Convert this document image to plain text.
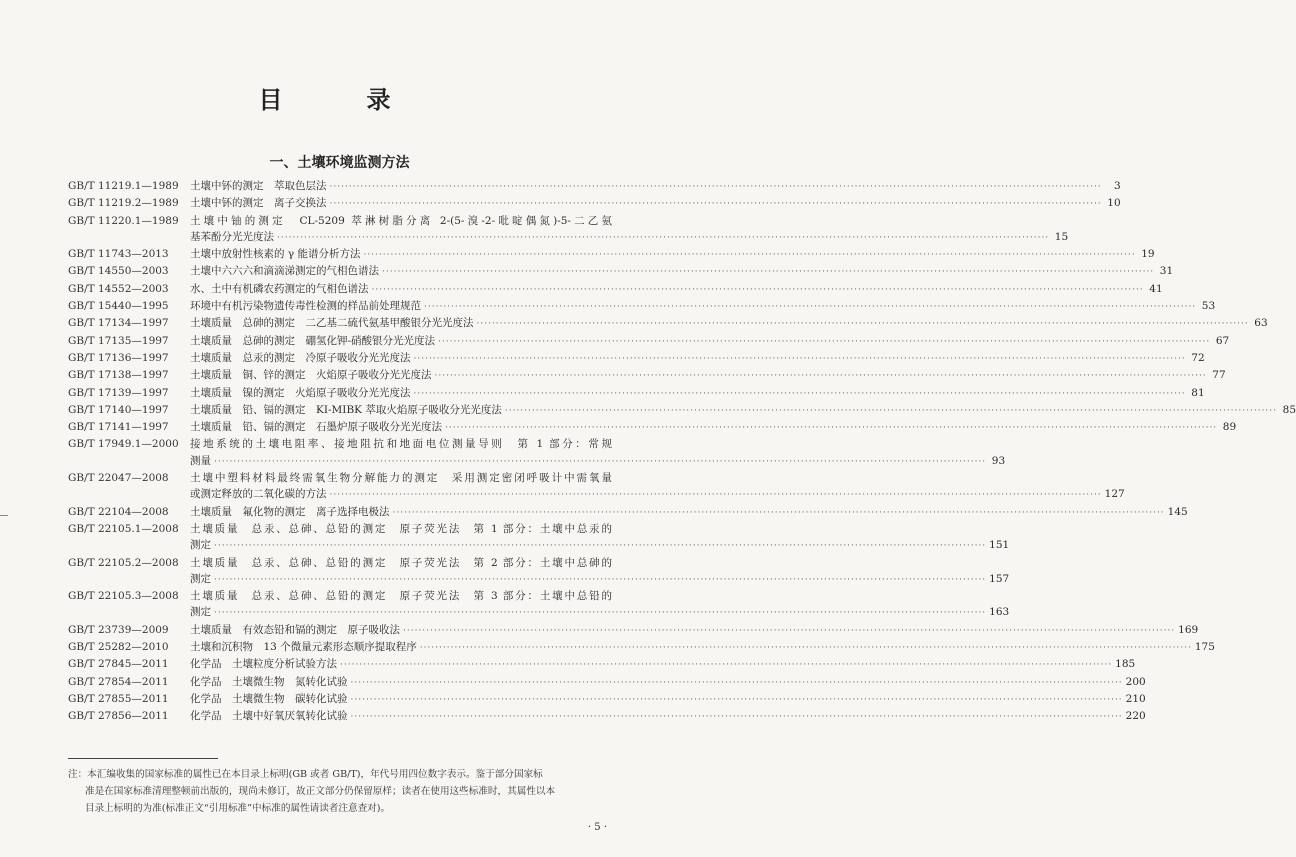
目　录
一、土壤环境监测方法
GB/T 11219.1—1989	土壤中钚的测定　萃取色层法 ········································································································································································································	3
GB/T 11219.2—1989	土壤中钚的测定　离子交换法 ········································································································································································································ 10
GB/T 11220.1—1989	土壤中铀的测定　CL-5209 萃淋树脂分离 2-(5-溴-2-吡啶偶氮)-5-二乙氨
基苯酚分光光度法 ········································································································································································································ 15
GB/T 11743—2013	土壤中放射性核素的 γ 能谱分析方法 ········································································································································································································ 19
GB/T 14550—2003	土壤中六六六和滴滴涕测定的气相色谱法 ········································································································································································································ 31
GB/T 14552—2003	水、土中有机磷农药测定的气相色谱法 ········································································································································································································ 41
GB/T 15440—1995	环境中有机污染物遗传毒性检测的样品前处理规范 ········································································································································································································ 53
GB/T 17134—1997	土壤质量　总砷的测定　二乙基二硫代氨基甲酸银分光光度法 ········································································································································································································ 63
GB/T 17135—1997	土壤质量　总砷的测定　硼氢化钾-硝酸银分光光度法 ········································································································································································································ 67
GB/T 17136—1997	土壤质量　总汞的测定　冷原子吸收分光光度法 ········································································································································································································ 72
GB/T 17138—1997	土壤质量　铜、锌的测定　火焰原子吸收分光光度法 ········································································································································································································ 77
GB/T 17139—1997	土壤质量　镍的测定　火焰原子吸收分光光度法 ········································································································································································································ 81
GB/T 17140—1997	土壤质量　铅、镉的测定　KI-MIBK 萃取火焰原子吸收分光光度法 ········································································································································································································ 85
GB/T 17141—1997	土壤质量　铅、镉的测定　石墨炉原子吸收分光光度法 ········································································································································································································ 89
GB/T 17949.1—2000	接地系统的土壤电阻率、接地阻抗和地面电位测量导则　第 1 部分：常规
测量 ········································································································································································································ 93
GB/T 22047—2008	土壤中塑料材料最终需氧生物分解能力的测定　采用测定密闭呼吸计中需氧量
或测定释放的二氧化碳的方法 ········································································································································································································ 127
GB/T 22104—2008	土壤质量　氟化物的测定　离子选择电极法 ········································································································································································································ 145
GB/T 22105.1—2008	土壤质量　总汞、总砷、总铅的测定　原子荧光法　第 1 部分：土壤中总汞的
测定 ········································································································································································································ 151
GB/T 22105.2—2008	土壤质量　总汞、总砷、总铅的测定　原子荧光法　第 2 部分：土壤中总砷的
测定 ········································································································································································································ 157
GB/T 22105.3—2008	土壤质量　总汞、总砷、总铅的测定　原子荧光法　第 3 部分：土壤中总铅的
测定 ········································································································································································································ 163
GB/T 23739—2009	土壤质量　有效态铅和镉的测定　原子吸收法 ········································································································································································································ 169
GB/T 25282—2010	土壤和沉积物　13 个微量元素形态顺序提取程序 ········································································································································································································ 175
GB/T 27845—2011	化学品　土壤粒度分析试验方法 ········································································································································································································ 185
GB/T 27854—2011	化学品　土壤微生物　氮转化试验 ········································································································································································································ 200
GB/T 27855—2011	化学品　土壤微生物　碳转化试验 ········································································································································································································ 210
GB/T 27856—2011	化学品　土壤中好氧厌氧转化试验 ········································································································································································································ 220
注：本汇编收集的国家标准的属性已在本目录上标明(GB 或者 GB/T)，年代号用四位数字表示。鉴于部分国家标
准是在国家标准清理整顿前出版的，现尚未修订，故正文部分仍保留原样；读者在使用这些标准时，其属性以本
目录上标明的为准(标准正文“引用标准”中标准的属性请读者注意查对)。
· 5 ·
